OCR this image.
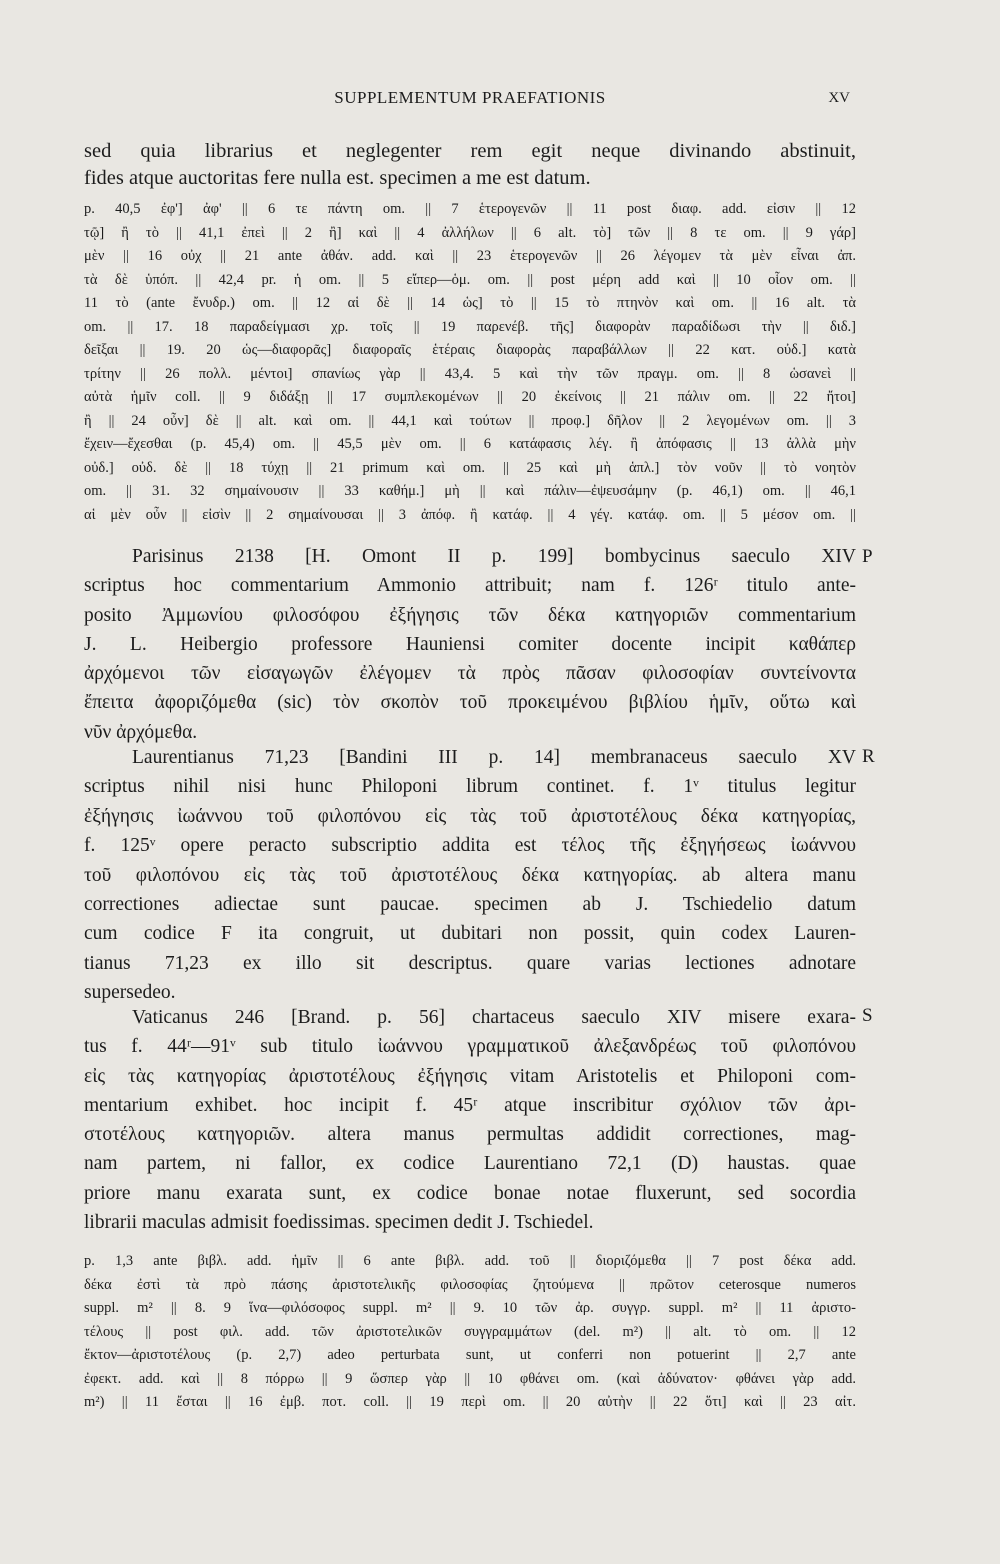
SUPPLEMENTUM PRAEFATIONIS	XV
sed quia librarius et neglegenter rem egit neque divinando abstinuit,
fides atque auctoritas fere nulla est. specimen a me est datum.
p. 40,5 ἐφ'] ἀφ' || 6 τε πάντη om. || 7 ἑτερογενῶν || 11 post διαφ. add. εἰσιν || 12
τῷ] ἢ τὸ || 41,1 ἐπεὶ || 2 ἢ] καὶ || 4 ἀλλήλων || 6 alt. τὸ] τῶν || 8 τε om. || 9 γάρ]
μὲν || 16 οὐχ || 21 ante ἀθάν. add. καὶ || 23 ἑτερογενῶν || 26 λέγομεν τὰ μὲν εἶναι ἀπ.
τὰ δὲ ὑπόπ. || 42,4 pr. ἡ om. || 5 εἴπερ—ὁμ. om. || post μέρη add καὶ || 10 οἷον om. ||
11 τὸ (ante ἔνυδρ.) om. || 12 αἱ δὲ || 14 ὡς] τὸ || 15 τὸ πτηνὸν καὶ om. || 16 alt. τὰ
om. || 17. 18 παραδείγμασι χρ. τοῖς || 19 παρενέβ. τῆς] διαφορὰν παραδίδωσι τὴν || διδ.]
δεῖξαι || 19. 20 ὡς—διαφορᾶς] διαφοραῖς ἑτέραις διαφορὰς παραβάλλων || 22 κατ. οὐδ.] κατὰ
τρίτην || 26 πολλ. μέντοι] σπανίως γὰρ || 43,4. 5 καὶ τὴν τῶν πραγμ. om. || 8 ὡσανεὶ ||
αὐτὰ ἡμῖν coll. || 9 διδάξῃ || 17 συμπλεκομένων || 20 ἐκείνοις || 21 πάλιν om. || 22 ἤτοι]
ἢ || 24 οὖν] δὲ || alt. καὶ om. || 44,1 καὶ τούτων || προφ.] δῆλον || 2 λεγομένων om. || 3
ἔχειν—ἔχεσθαι (p. 45,4) om. || 45,5 μὲν om. || 6 κατάφασις λέγ. ἢ ἀπόφασις || 13 ἀλλὰ μὴν
οὐδ.] οὐδ. δὲ || 18 τύχῃ || 21 primum καὶ om. || 25 καὶ μὴ ἁπλ.] τὸν νοῦν || τὸ νοητὸν
om. || 31. 32 σημαίνουσιν || 33 καθήμ.] μὴ || καὶ πάλιν—ἐψευσάμην (p. 46,1) om. || 46,1
αἱ μὲν οὖν || εἰσὶν || 2 σημαίνουσαι || 3 ἀπόφ. ἢ κατάφ. || 4 γέγ. κατάφ. om. || 5 μέσον om. ||
Parisinus 2138 [H. Omont II p. 199] bombycinus saeculo XIV
scriptus hoc commentarium Ammonio attribuit; nam f. 126ʳ titulo ante-
posito Ἀμμωνίου φιλοσόφου ἐξήγησις τῶν δέκα κατηγοριῶν commentarium
J. L. Heibergio professore Hauniensi comiter docente incipit καθάπερ
ἀρχόμενοι τῶν εἰσαγωγῶν ἐλέγομεν τὰ πρὸς πᾶσαν φιλοσοφίαν συντείνοντα
ἔπειτα ἀφοριζόμεθα (sic) τὸν σκοπὸν τοῦ προκειμένου βιβλίου ἡμῖν, οὕτω καὶ
νῦν ἀρχόμεθα.
P
Laurentianus 71,23 [Bandini III p. 14] membranaceus saeculo XV
scriptus nihil nisi hunc Philoponi librum continet. f. 1ᵛ titulus legitur
ἐξήγησις ἰωάννου τοῦ φιλοπόνου εἰς τὰς τοῦ ἀριστοτέλους δέκα κατηγορίας,
f. 125ᵛ opere peracto subscriptio addita est τέλος τῆς ἐξηγήσεως ἰωάννου
τοῦ φιλοπόνου εἰς τὰς τοῦ ἀριστοτέλους δέκα κατηγορίας. ab altera manu
correctiones adiectae sunt paucae. specimen ab J. Tschiedelio datum
cum codice F ita congruit, ut dubitari non possit, quin codex Lauren-
tianus 71,23 ex illo sit descriptus. quare varias lectiones adnotare
supersedeo.
R
Vaticanus 246 [Brand. p. 56] chartaceus saeculo XIV misere exara-
tus f. 44ʳ—91ᵛ sub titulo ἰωάννου γραμματικοῦ ἀλεξανδρέως τοῦ φιλοπόνου
εἰς τὰς κατηγορίας ἀριστοτέλους ἐξήγησις vitam Aristotelis et Philoponi com-
mentarium exhibet. hoc incipit f. 45ʳ atque inscribitur σχόλιον τῶν ἀρι-
στοτέλους κατηγοριῶν. altera manus permultas addidit correctiones, mag-
nam partem, ni fallor, ex codice Laurentiano 72,1 (D) haustas. quae
priore manu exarata sunt, ex codice bonae notae fluxerunt, sed socordia
librarii maculas admisit foedissimas. specimen dedit J. Tschiedel.
S
p. 1,3 ante βιβλ. add. ἡμῖν || 6 ante βιβλ. add. τοῦ || διοριζόμεθα || 7 post δέκα add.
δέκα ἐστὶ τὰ πρὸ πάσης ἀριστοτελικῆς φιλοσοφίας ζητούμενα || πρῶτον ceterosque numeros
suppl. m² || 8. 9 ἵνα—φιλόσοφος suppl. m² || 9. 10 τῶν ἀρ. συγγρ. suppl. m² || 11 ἀριστο-
τέλους || post φιλ. add. τῶν ἀριστοτελικῶν συγγραμμάτων (del. m²) || alt. τὸ om. || 12
ἔκτον—ἀριστοτέλους (p. 2,7) adeo perturbata sunt, ut conferri non potuerint || 2,7 ante
ἐφεκτ. add. καὶ || 8 πόρρω || 9 ὥσπερ γὰρ || 10 φθάνει om. (καὶ ἀδύνατον· φθάνει γὰρ add.
m²) || 11 ἔσται || 16 ἐμβ. ποτ. coll. || 19 περὶ om. || 20 αὐτὴν || 22 ὅτι] καὶ || 23 αἰτ.
